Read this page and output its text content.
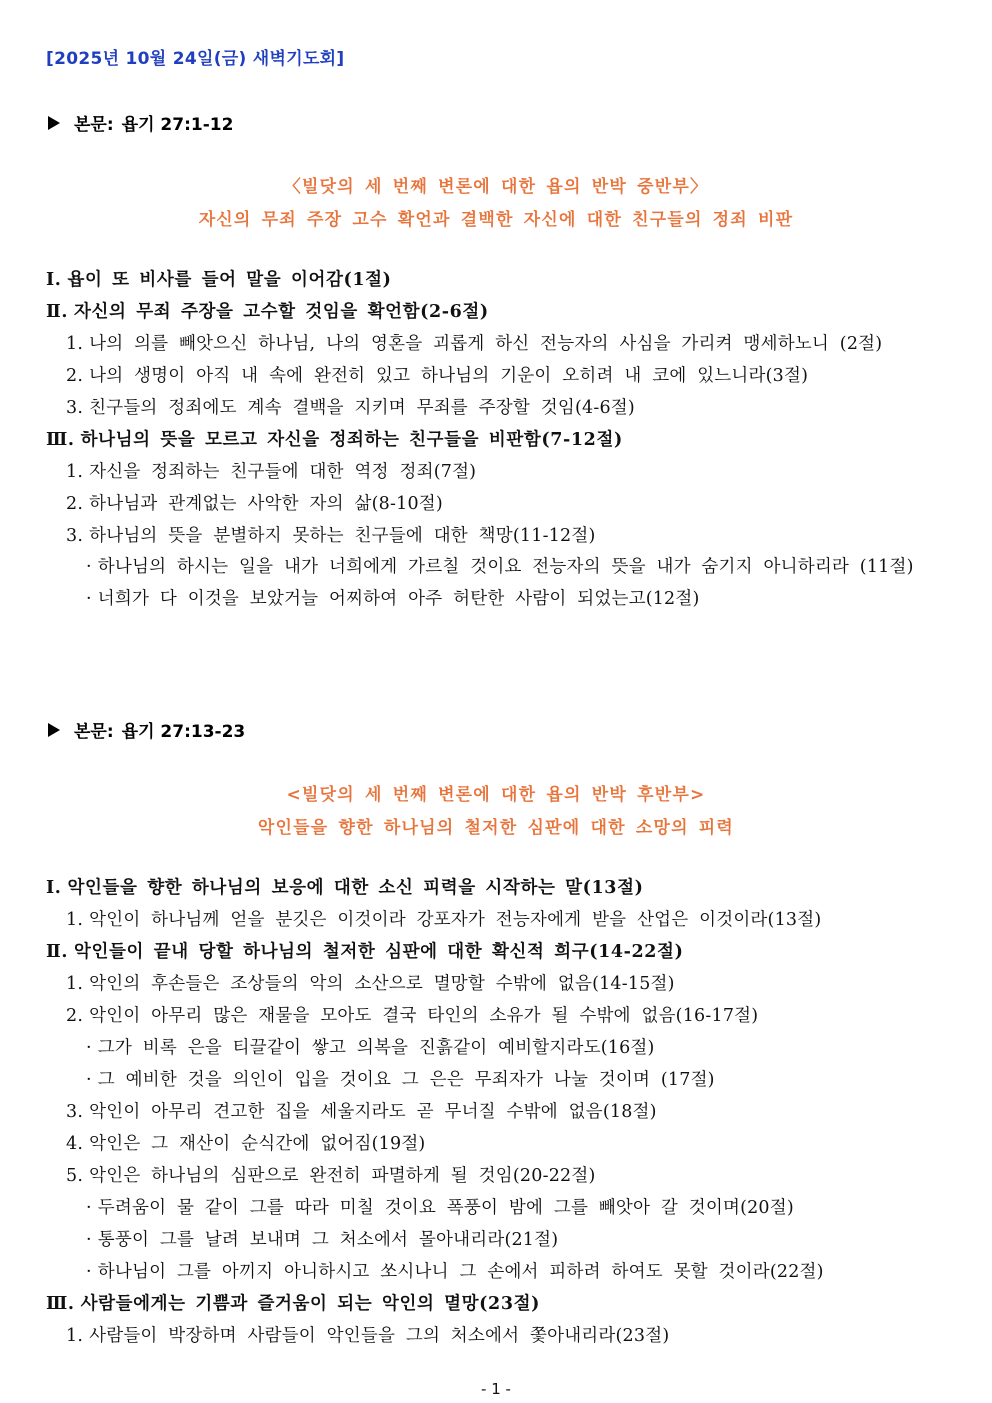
[2025년 10월 24일(금) 새벽기도회]
본문: 욥기 27:1-12
〈빌닷의 세 번째 변론에 대한 욥의 반박 중반부〉
자신의 무죄 주장 고수 확언과 결백한 자신에 대한 친구들의 정죄 비판
Ⅰ. 욥이 또 비사를 들어 말을 이어감(1절)
Ⅱ. 자신의 무죄 주장을 고수할 것임을 확언함(2-6절)
1. 나의 의를 빼앗으신 하나님, 나의 영혼을 괴롭게 하신 전능자의 사심을 가리켜 맹세하노니 (2절)
2. 나의 생명이 아직 내 속에 완전히 있고 하나님의 기운이 오히려 내 코에 있느니라(3절)
3. 친구들의 정죄에도 계속 결백을 지키며 무죄를 주장할 것임(4-6절)
Ⅲ. 하나님의 뜻을 모르고 자신을 정죄하는 친구들을 비판함(7-12절)
1. 자신을 정죄하는 친구들에 대한 역정 정죄(7절)
2. 하나님과 관계없는 사악한 자의 삶(8-10절)
3. 하나님의 뜻을 분별하지 못하는 친구들에 대한 책망(11-12절)
· 하나님의 하시는 일을 내가 너희에게 가르칠 것이요 전능자의 뜻을 내가 숨기지 아니하리라 (11절)
· 너희가 다 이것을 보았거늘 어찌하여 아주 허탄한 사람이 되었는고(12절)
본문: 욥기 27:13-23
<빌닷의 세 번째 변론에 대한 욥의 반박 후반부>
악인들을 향한 하나님의 철저한 심판에 대한 소망의 피력
Ⅰ. 악인들을 향한 하나님의 보응에 대한 소신 피력을 시작하는 말(13절)
1. 악인이 하나님께 얻을 분깃은 이것이라 강포자가 전능자에게 받을 산업은 이것이라(13절)
Ⅱ. 악인들이 끝내 당할 하나님의 철저한 심판에 대한 확신적 희구(14-22절)
1. 악인의 후손들은 조상들의 악의 소산으로 멸망할 수밖에 없음(14-15절)
2. 악인이 아무리 많은 재물을 모아도 결국 타인의 소유가 될 수밖에 없음(16-17절)
· 그가 비록 은을 티끌같이 쌓고 의복을 진흙같이 예비할지라도(16절)
· 그 예비한 것을 의인이 입을 것이요 그 은은 무죄자가 나눌 것이며 (17절)
3. 악인이 아무리 견고한 집을 세울지라도 곧 무너질 수밖에 없음(18절)
4. 악인은 그 재산이 순식간에 없어짐(19절)
5. 악인은 하나님의 심판으로 완전히 파멸하게 될 것임(20-22절)
· 두려움이 물 같이 그를 따라 미칠 것이요 폭풍이 밤에 그를 빼앗아 갈 것이며(20절)
· 통풍이 그를 날려 보내며 그 처소에서 몰아내리라(21절)
· 하나님이 그를 아끼지 아니하시고 쏘시나니 그 손에서 피하려 하여도 못할 것이라(22절)
Ⅲ. 사람들에게는 기쁨과 즐거움이 되는 악인의 멸망(23절)
1. 사람들이 박장하며 사람들이 악인들을 그의 처소에서 쫓아내리라(23절)
- 1 -
